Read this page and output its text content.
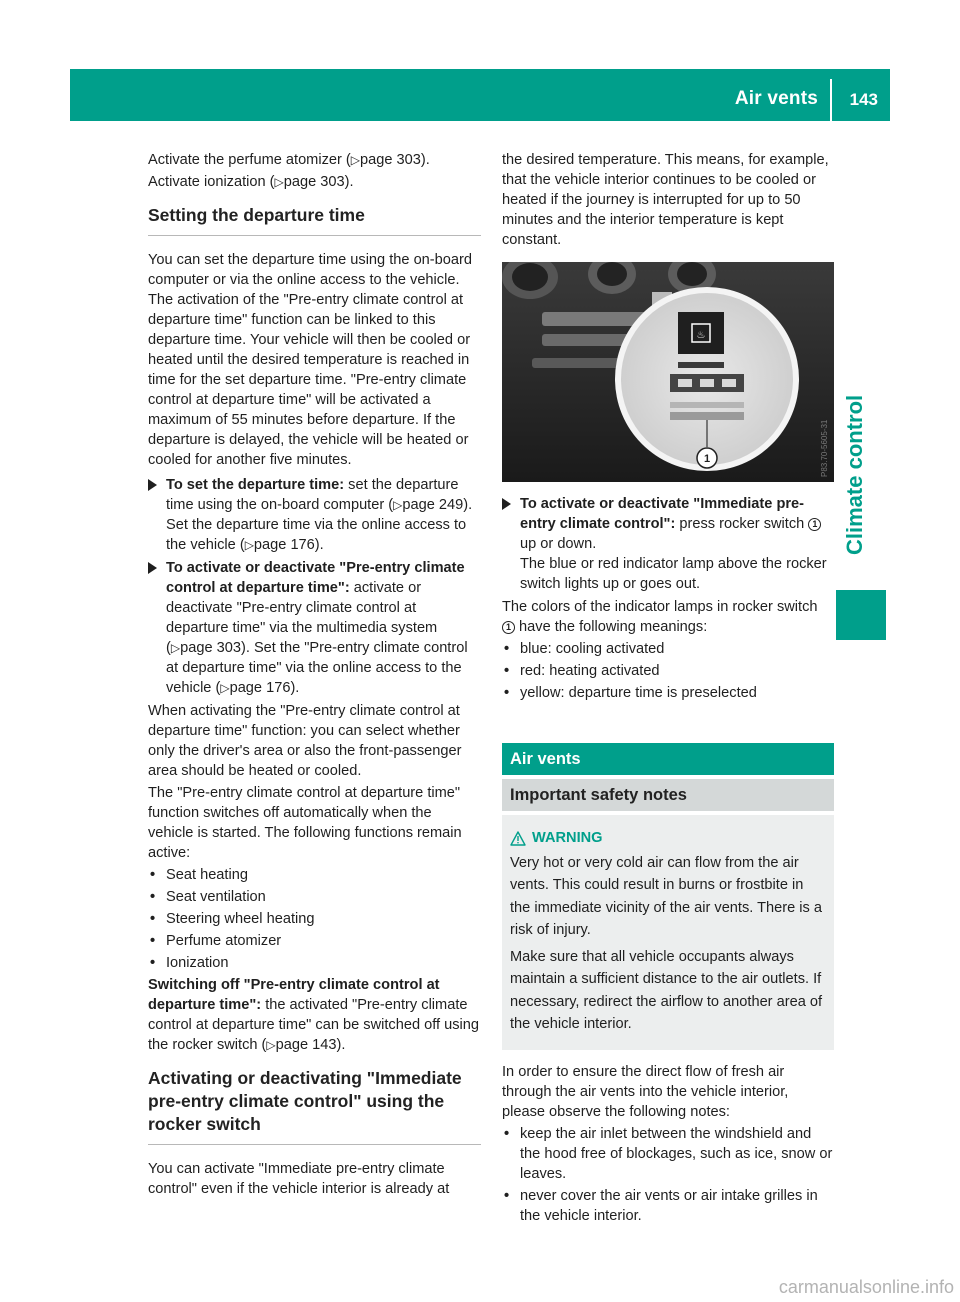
Air vents 143
Climate control

Activate the perfume atomizer (▷page 303).

Activate ionization (▷page 303).

Setting the departure time

You can set the departure time using the on-board computer or via the online access to the vehicle. The activation of the "Pre-entry climate control at departure time" function can be linked to this departure time. Your vehicle will then be cooled or heated until the desired temperature is reached in time for the set departure time. "Pre-entry climate control at departure time" will be activated a maximum of 55 minutes before departure. If the departure is delayed, the vehicle will be heated or cooled for another five minutes.

To set the departure time: set the departure time using the on-board computer (▷page 249). Set the departure time via the online access to the vehicle (▷page 176).
To activate or deactivate "Pre-entry climate control at departure time": activate or deactivate "Pre-entry climate control at departure time" via the multimedia system (▷page 303). Set the "Pre-entry climate control at departure time" via the online access to the vehicle (▷page 176).

When activating the "Pre-entry climate control at departure time" function: you can select whether only the driver's area or also the front-passenger area should be heated or cooled.

The "Pre-entry climate control at departure time" function switches off automatically when the vehicle is started. The following functions remain active:

• Seat heating
• Seat ventilation
• Steering wheel heating
• Perfume atomizer
• Ionization

Switching off "Pre-entry climate control at departure time": the activated "Pre-entry climate control at departure time" can be switched off using the rocker switch (▷page 143).

Activating or deactivating "Immediate pre-entry climate control" using the rocker switch

You can activate "Immediate pre-entry climate control" even if the vehicle interior is already at

the desired temperature. This means, for example, that the vehicle interior continues to be cooled or heated if the journey is interrupted for up to 50 minutes and the interior temperature is kept constant.

♨
1	P83.70-5605-31
To activate or deactivate "Immediate pre-entry climate control": press rocker switch 1 up or down.
The blue or red indicator lamp above the rocker switch lights up or goes out.

The colors of the indicator lamps in rocker switch 1 have the following meanings:

• blue: cooling activated
• red: heating activated
• yellow: departure time is preselected
Air vents
Important safety notes
WARNING

Very hot or very cold air can flow from the air vents. This could result in burns or frostbite in the immediate vicinity of the air vents. There is a risk of injury.

Make sure that all vehicle occupants always maintain a sufficient distance to the air outlets. If necessary, redirect the airflow to another area of the vehicle interior.

In order to ensure the direct flow of fresh air through the air vents into the vehicle interior, please observe the following notes:

• keep the air inlet between the windshield and the hood free of blockages, such as ice, snow or leaves.
• never cover the air vents or air intake grilles in the vehicle interior.
carmanualsonline.info
